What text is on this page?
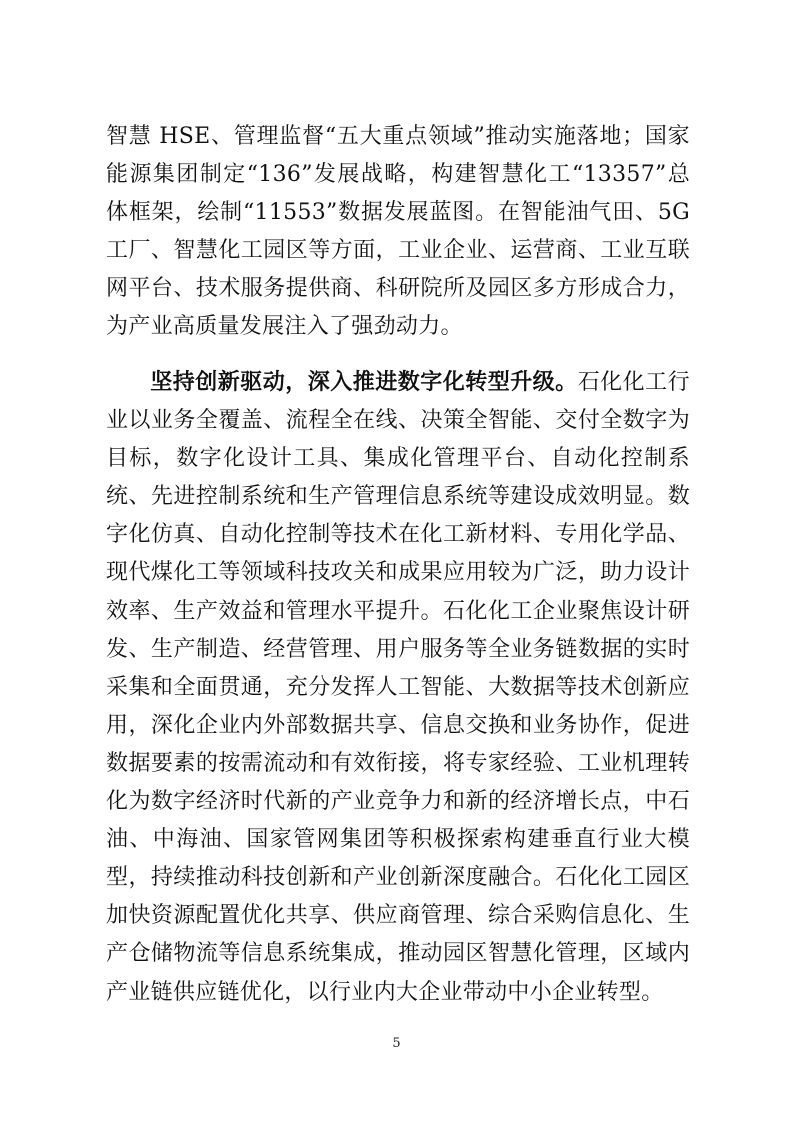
智慧 HSE、管理监督“五大重点领域”推动实施落地；国家能源集团制定“136”发展战略，构建智慧化工“13357”总体框架，绘制“11553”数据发展蓝图。在智能油气田、5G 工厂、智慧化工园区等方面，工业企业、运营商、工业互联网平台、技术服务提供商、科研院所及园区多方形成合力，为产业高质量发展注入了强劲动力。
坚持创新驱动，深入推进数字化转型升级。石化化工行业以业务全覆盖、流程全在线、决策全智能、交付全数字为目标，数字化设计工具、集成化管理平台、自动化控制系统、先进控制系统和生产管理信息系统等建设成效明显。数字化仿真、自动化控制等技术在化工新材料、专用化学品、现代煤化工等领域科技攻关和成果应用较为广泛，助力设计效率、生产效益和管理水平提升。石化化工企业聚焦设计研发、生产制造、经营管理、用户服务等全业务链数据的实时采集和全面贯通，充分发挥人工智能、大数据等技术创新应用，深化企业内外部数据共享、信息交换和业务协作，促进数据要素的按需流动和有效衔接，将专家经验、工业机理转化为数字经济时代新的产业竞争力和新的经济增长点，中石油、中海油、国家管网集团等积极探索构建垂直行业大模型，持续推动科技创新和产业创新深度融合。石化化工园区加快资源配置优化共享、供应商管理、综合采购信息化、生产仓储物流等信息系统集成，推动园区智慧化管理，区域内产业链供应链优化，以行业内大企业带动中小企业转型。
5
